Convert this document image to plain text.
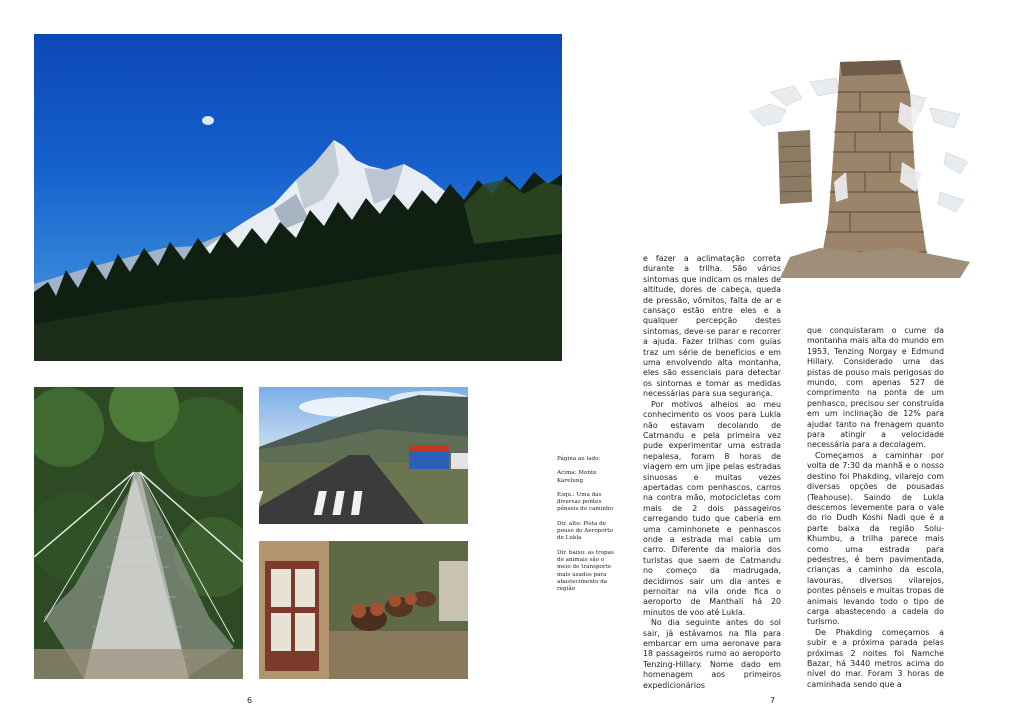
Página ao lado:

Acima: Monte Karelung

Esqu.: Uma das diversas pontes pênseis do caminho

Dir. alto: Pista de pouso do Aeroporto de Lukla

Dir. baixo: as tropas de animais são o meio de transporte mais usados para abastecimento da região

6

e fazer a aclimatação correta durante a trilha. São vários sintomas que indicam os males de altitude, dores de cabeça, queda de pressão, vômitos, falta de ar e cansaço estão entre eles e a qualquer percepção destes sintomas, deve-se parar e recorrer a ajuda. Fazer trilhas com guias traz um série de benefícios e em uma envolvendo alta montanha, eles são essenciais para detectar os sintomas e tomar as medidas necessárias para sua segurança.

Por motivos alheios ao meu conhecimento os voos para Lukla não estavam decolando de Catmandu e pela primeira vez pude experimentar uma estrada nepalesa, foram 8 horas de viagem em um jipe pelas estradas sinuosas e muitas vezes apertadas com penhascos, carros na contra mão, motocicletas com mais de 2 dois passageiros carregando tudo que caberia em uma caminhonete e penhascos onde a estrada mal cabia um carro. Diferente da maioria dos turistas que saem de Catmandu no começo da madrugada, decidimos sair um dia antes e pernoitar na vila onde fica o aeroporto de Manthali há 20 minutos de voo até Lukla.

No dia seguinte antes do sol sair, já estávamos na fila para embarcar em uma aeronave para 18 passageiros rumo ao aeroporto Tenzing-Hillary. Nome dado em homenagem aos primeiros expedicionários

que conquistaram o cume da montanha mais alta do mundo em 1953, Tenzing Norgay e Edmund Hillary. Considerado uma das pistas de pouso mais perigosas do mundo, com apenas 527 de comprimento na ponta de um penhasco, precisou ser construída em um inclinação de 12% para ajudar tanto na frenagem quanto para atingir a velocidade necessária para a decolagem.

Começamos a caminhar por volta de 7:30 da manhã e o nosso destino foi Phakding, vilarejo com diversas opções de pousadas (Teahouse). Saindo de Lukla descemos levemente para o vale do rio Dudh Koshi Nadi que é a parte baixa da região Solu-Khumbu, a trilha parece mais como uma estrada para pedestres, é bem pavimentada, crianças a caminho da escola, lavouras, diversos vilarejos, pontes pênseis e muitas tropas de animais levando todo o tipo de carga abastecendo a cadeia do turismo.

De Phakding começamos a subir e a próxima parada pelas próximas 2 noites foi Namche Bazar, há 3440 metros acima do nível do mar. Foram 3 horas de caminhada sendo que a

7
